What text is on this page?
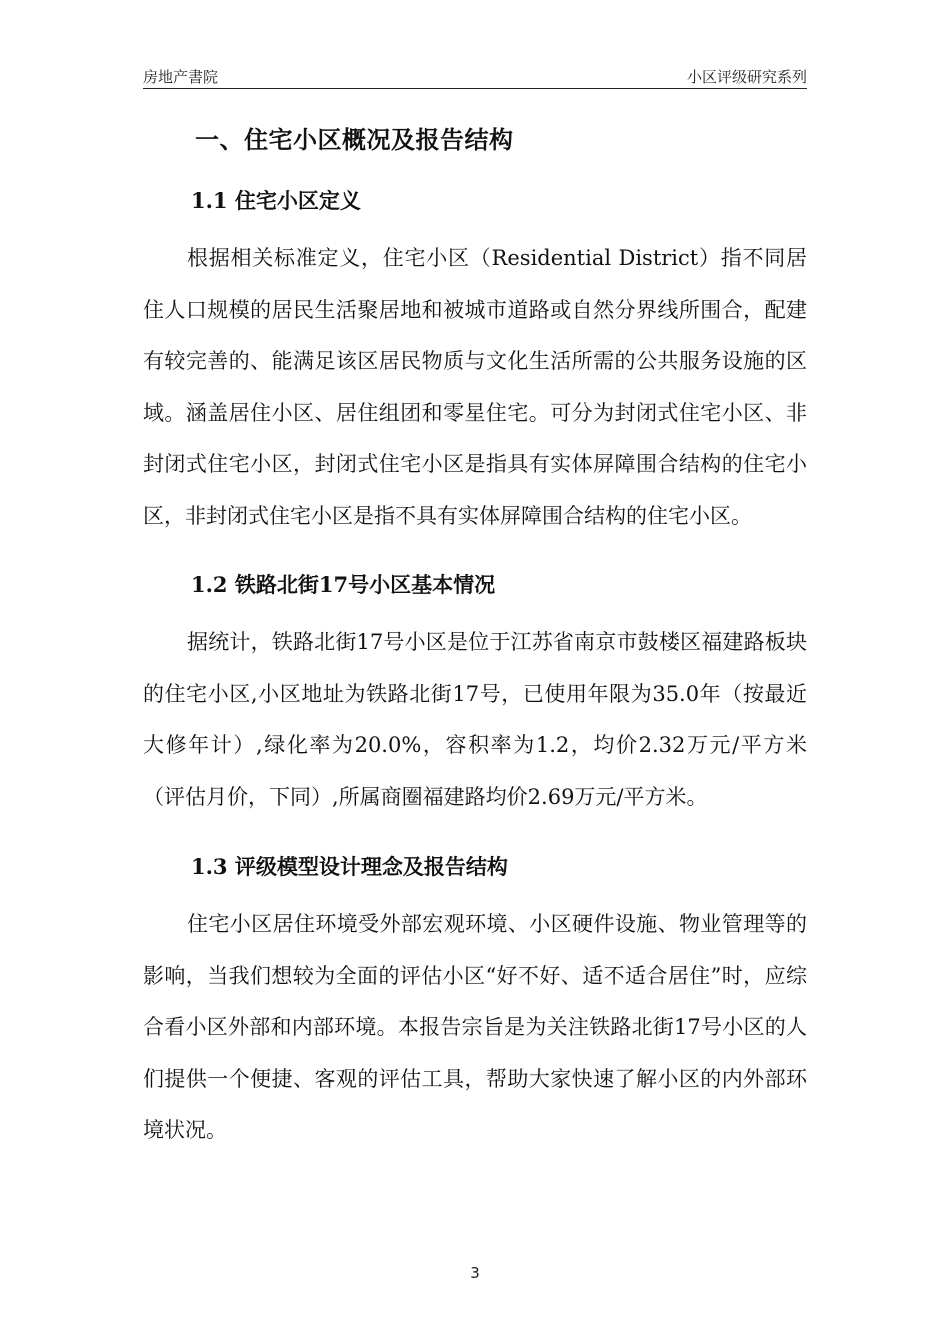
房地产書院	小区评级研究系列
一、住宅小区概况及报告结构
1.1 住宅小区定义

根据相关标准定义，住宅小区（Residential District）指不同居住人口规模的居民生活聚居地和被城市道路或自然分界线所围合，配建有较完善的、能满足该区居民物质与文化生活所需的公共服务设施的区域。涵盖居住小区、居住组团和零星住宅。可分为封闭式住宅小区、非封闭式住宅小区，封闭式住宅小区是指具有实体屏障围合结构的住宅小区，非封闭式住宅小区是指不具有实体屏障围合结构的住宅小区。

1.2 铁路北街17号小区基本情况

据统计，铁路北街17号小区是位于江苏省南京市鼓楼区福建路板块的住宅小区,小区地址为铁路北街17号，已使用年限为35.0年（按最近大修年计）,绿化率为20.0%，容积率为1.2，均价2.32万元/平方米（评估月价，下同）,所属商圈福建路均价2.69万元/平方米。

1.3 评级模型设计理念及报告结构

住宅小区居住环境受外部宏观环境、小区硬件设施、物业管理等的影响，当我们想较为全面的评估小区“好不好、适不适合居住”时，应综合看小区外部和内部环境。本报告宗旨是为关注铁路北街17号小区的人们提供一个便捷、客观的评估工具，帮助大家快速了解小区的内外部环境状况。

3
